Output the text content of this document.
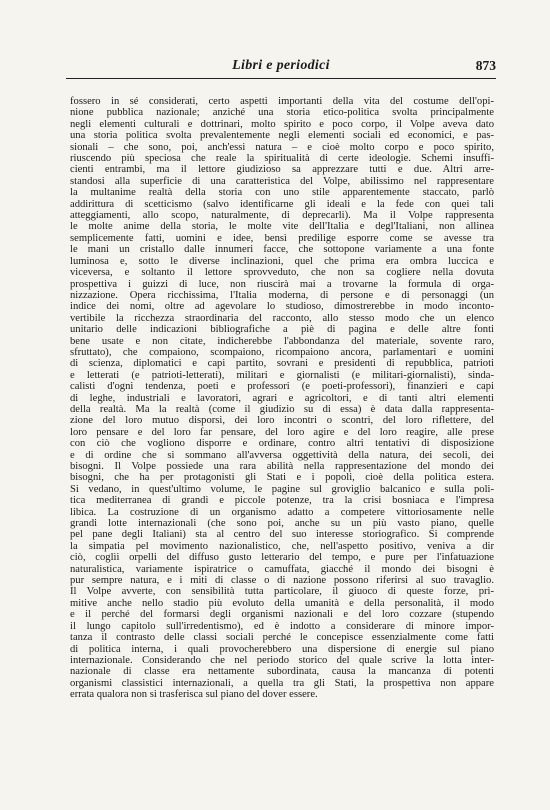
Libri e periodici	873
fossero in sé considerati, certo aspetti importanti della vita del costume dell'opi-
nione pubblica nazionale; anziché una storia etico-politica svolta principalmente
negli elementi culturali e dottrinari, molto spirito e poco corpo, il Volpe aveva dato
una storia politica svolta prevalentemente negli elementi sociali ed economici, e pas-
sionali – che sono, poi, anch'essi natura – e cioè molto corpo e poco spirito,
riuscendo più speciosa che reale la spiritualità di certe ideologie. Schemi insuffi-
cienti entrambi, ma il lettore giudizioso sa apprezzare tutti e due. Altri arre-
standosi alla superficie di una caratteristica del Volpe, abilissimo nel rappresentare
la multanime realtà della storia con uno stile apparentemente staccato, parlò
addirittura di scetticismo (salvo identificarne gli ideali e la fede con quei tali
atteggiamenti, allo scopo, naturalmente, di deprecarli). Ma il Volpe rappresenta
le molte anime della storia, le molte vite dell'Italia e degl'Italiani, non allinea
semplicemente fatti, uomini e idee, bensì predilige esporre come se avesse tra
le mani un cristallo dalle innumeri facce, che sottopone variamente a una fonte
luminosa e, sotto le diverse inclinazioni, quel che prima era ombra luccica e
viceversa, e soltanto il lettore sprovveduto, che non sa cogliere nella dovuta
prospettiva i guizzi di luce, non riuscirà mai a trovarne la formula di orga-
nizzazione. Opera ricchissima, l'Italia moderna, di persone e di personaggi (un
indice dei nomi, oltre ad agevolare lo studioso, dimostrerebbe in modo inconto-
vertibile la ricchezza straordinaria del racconto, allo stesso modo che un elenco
unitario delle indicazioni bibliografiche a piè di pagina e delle altre fonti
bene usate e non citate, indicherebbe l'abbondanza del materiale, sovente raro,
sfruttato), che compaiono, scompaiono, ricompaiono ancora, parlamentari e uomini
di scienza, diplomatici e capi partito, sovrani e presidenti di repubblica, patrioti
e letterati (e patrioti-letterati), militari e giornalisti (e militari-giornalisti), sinda-
calisti d'ogni tendenza, poeti e professori (e poeti-professori), finanzieri e capi
di leghe, industriali e lavoratori, agrari e agricoltori, e di tanti altri elementi
della realtà. Ma la realtà (come il giudizio su di essa) è data dalla rappresenta-
zione del loro mutuo disporsi, dei loro incontri o scontri, del loro riflettere, del
loro pensare e del loro far pensare, del loro agire e del loro reagire, alle prese
con ciò che vogliono disporre e ordinare, contro altri tentativi di disposizione
e di ordine che si sommano all'avversa oggettività della natura, dei secoli, dei
bisogni. Il Volpe possiede una rara abilità nella rappresentazione del mondo dei
bisogni, che ha per protagonisti gli Stati e i popoli, cioè della politica estera.
Si vedano, in quest'ultimo volume, le pagine sul groviglio balcanico e sulla poli-
tica mediterranea di grandi e piccole potenze, tra la crisi bosniaca e l'impresa
libica. La costruzione di un organismo adatto a competere vittoriosamente nelle
grandi lotte internazionali (che sono poi, anche su un più vasto piano, quelle
pel pane degli Italiani) sta al centro del suo interesse storiografico. Si comprende
la simpatia pel movimento nazionalistico, che, nell'aspetto positivo, veniva a dir
ciò, coglìi orpelli del diffuso gusto letterario del tempo, e pure per l'infatuazione
naturalistica, variamente ispiratrice o camuffata, giacché il mondo dei bisogni è
pur sempre natura, e i miti di classe o di nazione possono riferirsi al suo travaglio.
Il Volpe avverte, con sensibilità tutta particolare, il giuoco di queste forze, pri-
mitive anche nello stadio più evoluto della umanità e della personalità, il modo
e il perché del formarsi degli organismi nazionali e del loro cozzare (stupendo
il lungo capitolo sull'irredentismo), ed è indotto a considerare di minore impor-
tanza il contrasto delle classi sociali perché le concepisce essenzialmente come fatti
di politica interna, i quali provocherebbero una dispersione di energie sul piano
internazionale. Considerando che nel periodo storico del quale scrive la lotta inter-
nazionale di classe era nettamente subordinata, causa la mancanza di potenti
organismi classistici internazionali, a quella tra gli Stati, la prospettiva non appare
errata qualora non si trasferisca sul piano del dover essere.
